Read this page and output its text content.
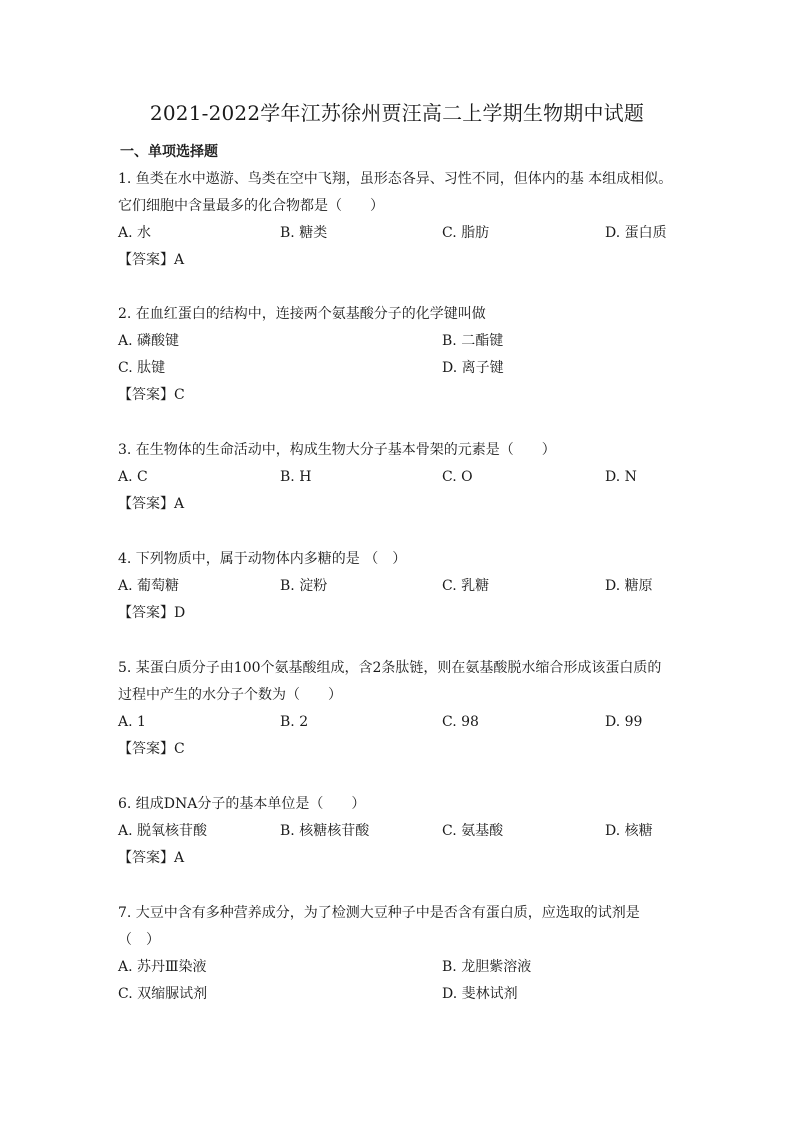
2021-2022学年江苏徐州贾汪高二上学期生物期中试题
一、单项选择题
1. 鱼类在水中遨游、鸟类在空中飞翔，虽形态各异、习性不同，但体内的基 本组成相似。
它们细胞中含量最多的化合物都是（　　）
A. 水	B. 糖类	C. 脂肪	D. 蛋白质
【答案】A
2. 在血红蛋白的结构中，连接两个氨基酸分子的化学键叫做
A. 磷酸键	B. 二酯键
C. 肽键	D. 离子键
【答案】C
3. 在生物体的生命活动中，构成生物大分子基本骨架的元素是（　　）
A. C	B. H	C. O	D. N
【答案】A
4. 下列物质中，属于动物体内多糖的是 （　）
A. 葡萄糖	B. 淀粉	C. 乳糖	D. 糖原
【答案】D
5. 某蛋白质分子由100个氨基酸组成，含2条肽链，则在氨基酸脱水缩合形成该蛋白质的
过程中产生的水分子个数为（　　）
A. 1	B. 2	C. 98	D. 99
【答案】C
6. 组成DNA分子的基本单位是（　　）
A. 脱氧核苷酸	B. 核糖核苷酸	C. 氨基酸	D. 核糖
【答案】A
7. 大豆中含有多种营养成分，为了检测大豆种子中是否含有蛋白质，应选取的试剂是
（　）
A. 苏丹Ⅲ染液	B. 龙胆紫溶液
C. 双缩脲试剂	D. 斐林试剂
